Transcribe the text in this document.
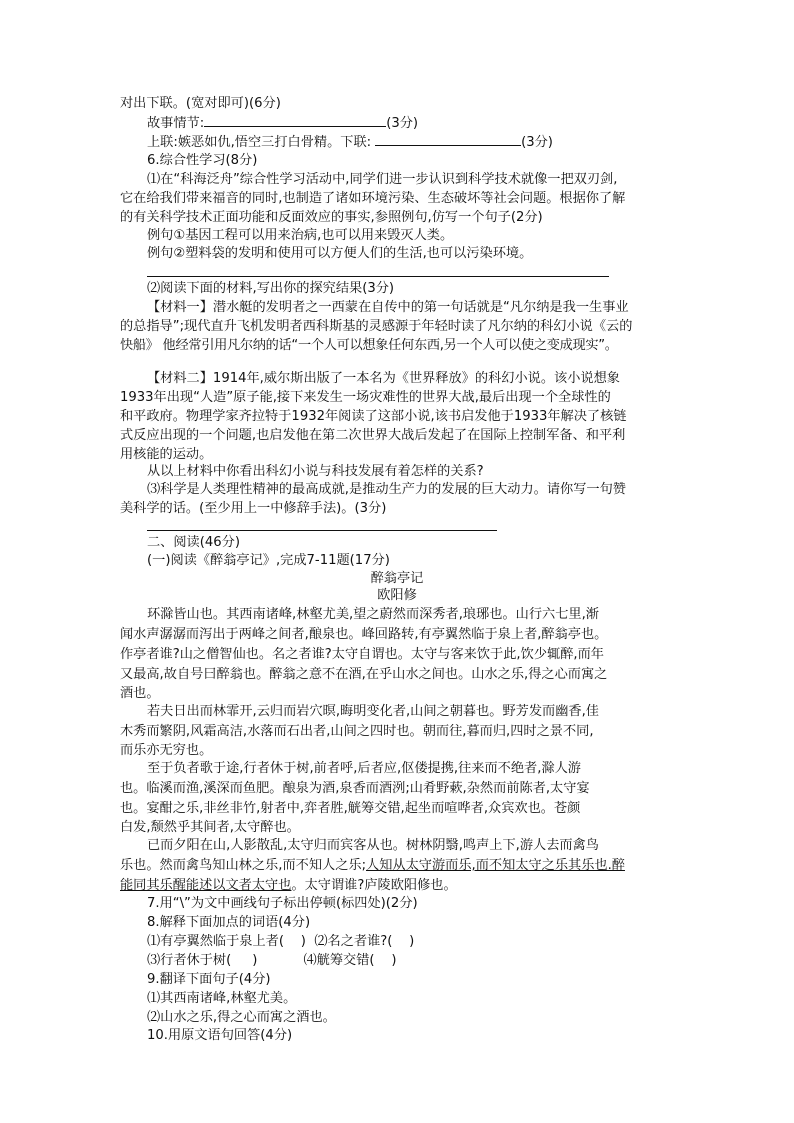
对出下联。(宽对即可)(6分)
故事情节:	(3分)
上联:嫉恶如仇,悟空三打白骨精。下联:	(3分)
6.综合性学习(8分)
⑴在“科海泛舟”综合性学习活动中,同学们进一步认识到科学技术就像一把双刃剑,
它在给我们带来福音的同时,也制造了诸如环境污染、生态破坏等社会问题。根据你了解
的有关科学技术正面功能和反面效应的事实,参照例句,仿写一个句子(2分)
例句①基因工程可以用来治病,也可以用来毁灭人类。
例句②塑料袋的发明和使用可以方便人们的生活,也可以污染环境。
⑵阅读下面的材料,写出你的探究结果(3分)
【材料一】潜水艇的发明者之一西蒙在自传中的第一句话就是“凡尔纳是我一生事业
的总指导”;现代直升飞机发明者西科斯基的灵感源于年轻时读了凡尔纳的科幻小说《云的
快船》 他经常引用凡尔纳的话“一个人可以想象任何东西,另一个人可以使之变成现实”。
【材料二】1914年,威尔斯出版了一本名为《世界释放》的科幻小说。该小说想象
1933年出现“人造”原子能,接下来发生一场灾难性的世界大战,最后出现一个全球性的
和平政府。物理学家齐拉特于1932年阅读了这部小说,该书启发他于1933年解决了核链
式反应出现的一个问题,也启发他在第二次世界大战后发起了在国际上控制军备、和平利
用核能的运动。
从以上材料中你看出科幻小说与科技发展有着怎样的关系?
⑶科学是人类理性精神的最高成就,是推动生产力的发展的巨大动力。请你写一句赞
美科学的话。(至少用上一中修辞手法)。(3分)
二、阅读(46分)
(一)阅读《醉翁亭记》,完成7-11题(17分)
醉翁亭记
欧阳修
环滁皆山也。其西南诸峰,林壑尤美,望之蔚然而深秀者,琅琊也。山行六七里,渐
闻水声潺潺而泻出于两峰之间者,酿泉也。峰回路转,有亭翼然临于泉上者,醉翁亭也。
作亭者谁?山之僧智仙也。名之者谁?太守自谓也。太守与客来饮于此,饮少辄醉,而年
又最高,故自号曰醉翁也。醉翁之意不在酒,在乎山水之间也。山水之乐,得之心而寓之
酒也。
若夫日出而林霏开,云归而岩穴暝,晦明变化者,山间之朝暮也。野芳发而幽香,佳
木秀而繁阴,风霜高洁,水落而石出者,山间之四时也。朝而往,暮而归,四时之景不同,
而乐亦无穷也。
至于负者歌于途,行者休于树,前者呼,后者应,伛偻提携,往来而不绝者,滁人游
也。临溪而渔,溪深而鱼肥。酿泉为酒,泉香而酒洌;山肴野蔌,杂然而前陈者,太守宴
也。宴酣之乐,非丝非竹,射者中,弈者胜,觥筹交错,起坐而喧哗者,众宾欢也。苍颜
白发,颓然乎其间者,太守醉也。
已而夕阳在山,人影散乱,太守归而宾客从也。树林阴翳,鸣声上下,游人去而禽鸟
乐也。然而禽鸟知山林之乐,而不知人之乐;人知从太守游而乐,而不知太守之乐其乐也.醉
能同其乐醒能述以文者太守也。太守谓谁?庐陵欧阳修也。
7.用“\”为文中画线句子标出停顿(标四处)(2分)
8.解释下面加点的词语(4分)
⑴有亭翼然临于泉上者(    )  ⑵名之者谁?(    )
⑶行者休于树(     )           ⑷觥筹交错(    )
9.翻译下面句子(4分)
⑴其西南诸峰,林壑尤美。
⑵山水之乐,得之心而寓之酒也。
10.用原文语句回答(4分)
